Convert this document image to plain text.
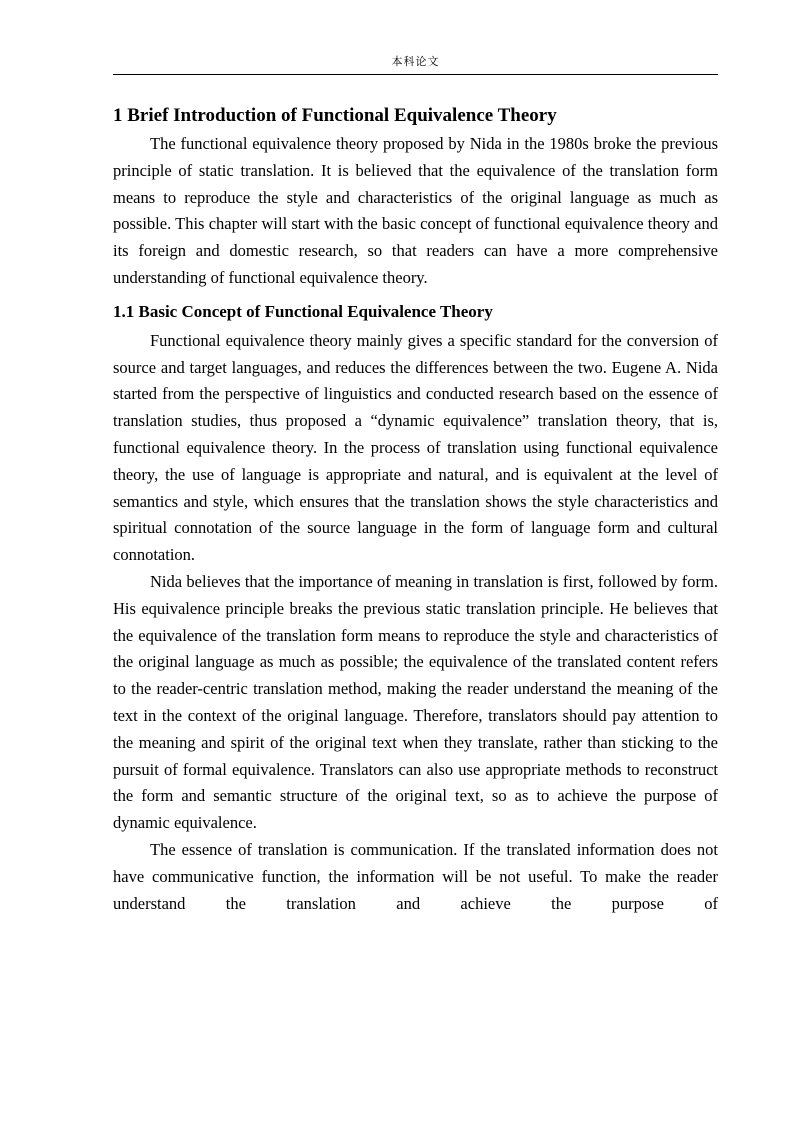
本科论文
1 Brief Introduction of Functional Equivalence Theory

The functional equivalence theory proposed by Nida in the 1980s broke the previous principle of static translation. It is believed that the equivalence of the translation form means to reproduce the style and characteristics of the original language as much as possible. This chapter will start with the basic concept of functional equivalence theory and its foreign and domestic research, so that readers can have a more comprehensive understanding of functional equivalence theory.

1.1 Basic Concept of Functional Equivalence Theory

Functional equivalence theory mainly gives a specific standard for the conversion of source and target languages, and reduces the differences between the two. Eugene A. Nida started from the perspective of linguistics and conducted research based on the essence of translation studies, thus proposed a “dynamic equivalence” translation theory, that is, functional equivalence theory. In the process of translation using functional equivalence theory, the use of language is appropriate and natural, and is equivalent at the level of semantics and style, which ensures that the translation shows the style characteristics and spiritual connotation of the source language in the form of language form and cultural connotation.

Nida believes that the importance of meaning in translation is first, followed by form. His equivalence principle breaks the previous static translation principle. He believes that the equivalence of the translation form means to reproduce the style and characteristics of the original language as much as possible; the equivalence of the translated content refers to the reader-centric translation method, making the reader understand the meaning of the text in the context of the original language. Therefore, translators should pay attention to the meaning and spirit of the original text when they translate, rather than sticking to the pursuit of formal equivalence. Translators can also use appropriate methods to reconstruct the form and semantic structure of the original text, so as to achieve the purpose of dynamic equivalence.

The essence of translation is communication. If the translated information does not have communicative function, the information will be not useful. To make the reader understand the translation and achieve the purpose of
